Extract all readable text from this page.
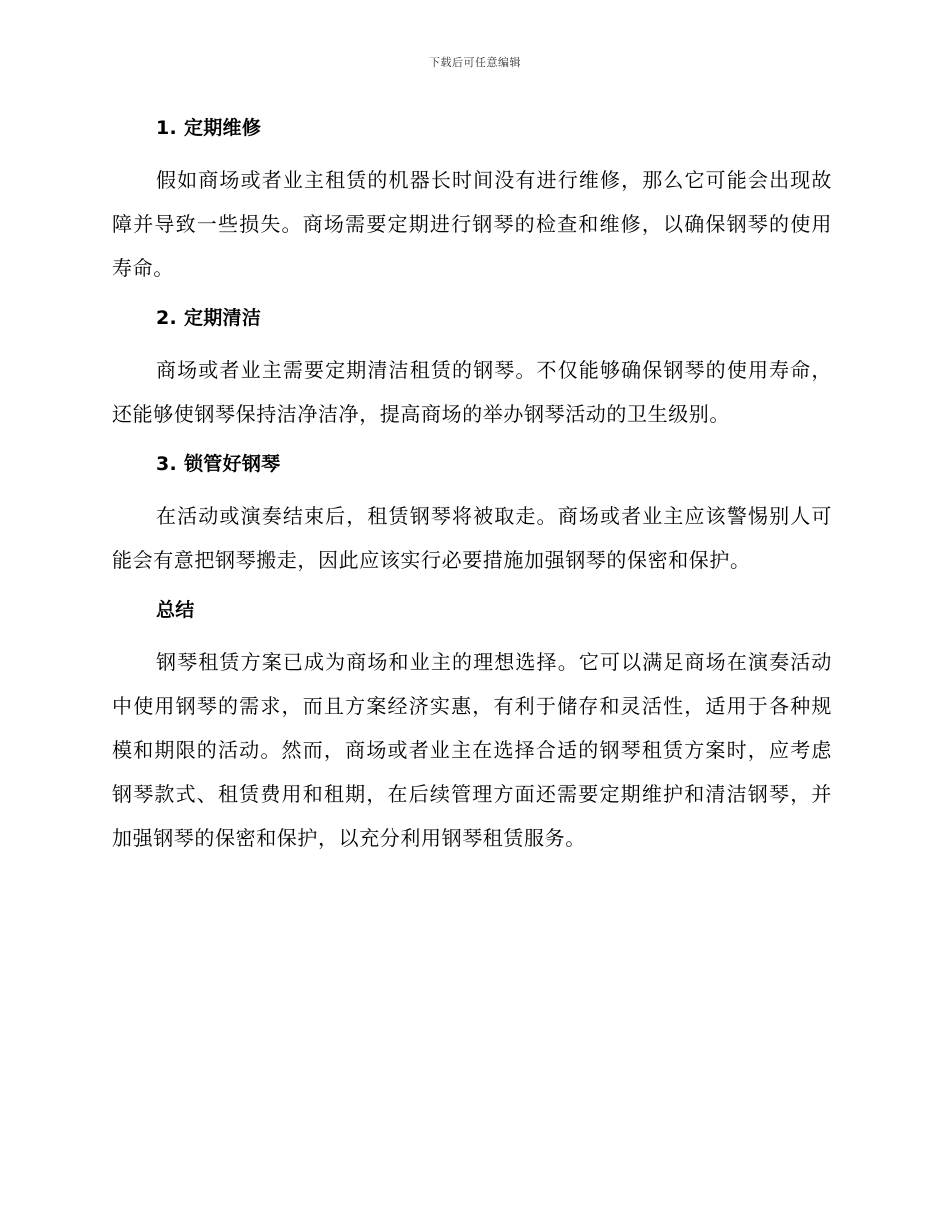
下载后可任意编辑
1. 定期维修

假如商场或者业主租赁的机器长时间没有进行维修，那么它可能会出现故障并导致一些损失。商场需要定期进行钢琴的检查和维修，以确保钢琴的使用寿命。

2. 定期清洁

商场或者业主需要定期清洁租赁的钢琴。不仅能够确保钢琴的使用寿命，还能够使钢琴保持洁净洁净，提高商场的举办钢琴活动的卫生级别。

3. 锁管好钢琴

在活动或演奏结束后，租赁钢琴将被取走。商场或者业主应该警惕别人可能会有意把钢琴搬走，因此应该实行必要措施加强钢琴的保密和保护。

总结

钢琴租赁方案已成为商场和业主的理想选择。它可以满足商场在演奏活动中使用钢琴的需求，而且方案经济实惠，有利于储存和灵活性，适用于各种规模和期限的活动。然而，商场或者业主在选择合适的钢琴租赁方案时，应考虑钢琴款式、租赁费用和租期，在后续管理方面还需要定期维护和清洁钢琴，并加强钢琴的保密和保护，以充分利用钢琴租赁服务。
